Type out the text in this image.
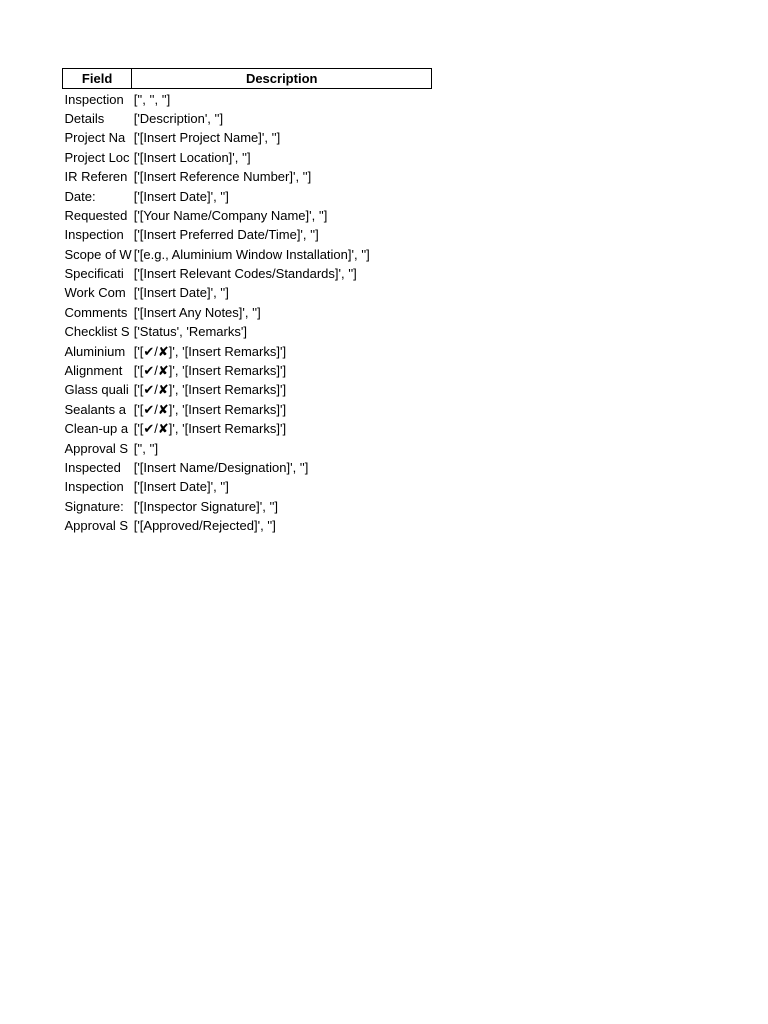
Field	Description
Inspection	['', '', '']
Details	['Description', '']
Project Na	['[Insert Project Name]', '']
Project Loc	['[Insert Location]', '']
IR Referen	['[Insert Reference Number]', '']
Date:	['[Insert Date]', '']
Requested	['[Your Name/Company Name]', '']
Inspection	['[Insert Preferred Date/Time]', '']
Scope of W	['[e.g., Aluminium Window Installation]', '']
Specificati	['[Insert Relevant Codes/Standards]', '']
Work Com	['[Insert Date]', '']
Comments	['[Insert Any Notes]', '']
Checklist S	['Status', 'Remarks']
Aluminium	['[✔/✘]', '[Insert Remarks]']
Alignment	['[✔/✘]', '[Insert Remarks]']
Glass quali	['[✔/✘]', '[Insert Remarks]']
Sealants a	['[✔/✘]', '[Insert Remarks]']
Clean-up a	['[✔/✘]', '[Insert Remarks]']
Approval S	['', '']
Inspected	['[Insert Name/Designation]', '']
Inspection	['[Insert Date]', '']
Signature:	['[Inspector Signature]', '']
Approval S	['[Approved/Rejected]', '']
